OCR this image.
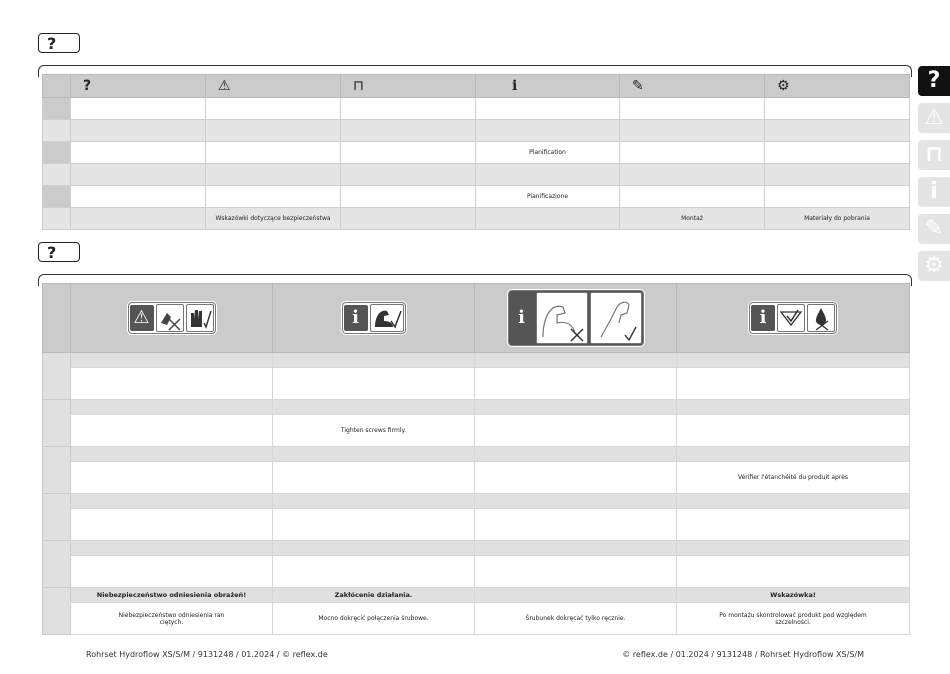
?
	?	⚠	⊓	i	✎	⚙

				Planification		

				Pianificazione		
		Wskazówki dotyczące bezpieczeństwa			Montaż	Materiały do pobrania
?

	⚠	i	i	i

		Tighten screws firmly.		

				Vérifier l'étanchéité du produit après

	Niebezpieczeństwo odniesienia obrażeń!	Zakłócenie działania.		Wskazówka!
	Niebezpieczeństwo odniesienia ran ciętych.	Mocno dokręcić połączenia śrubowe.	Śrubunek dokręcać tylko ręcznie.	Po montażu skontrolować produkt pod względem szczelności.
Rohrset Hydroflow XS/S/M / 9131248 / 01.2024 / © reflex.de	© reflex.de / 01.2024 / 9131248 / Rohrset Hydroflow XS/S/M
?
⚠
⊓
i
✎
⚙
